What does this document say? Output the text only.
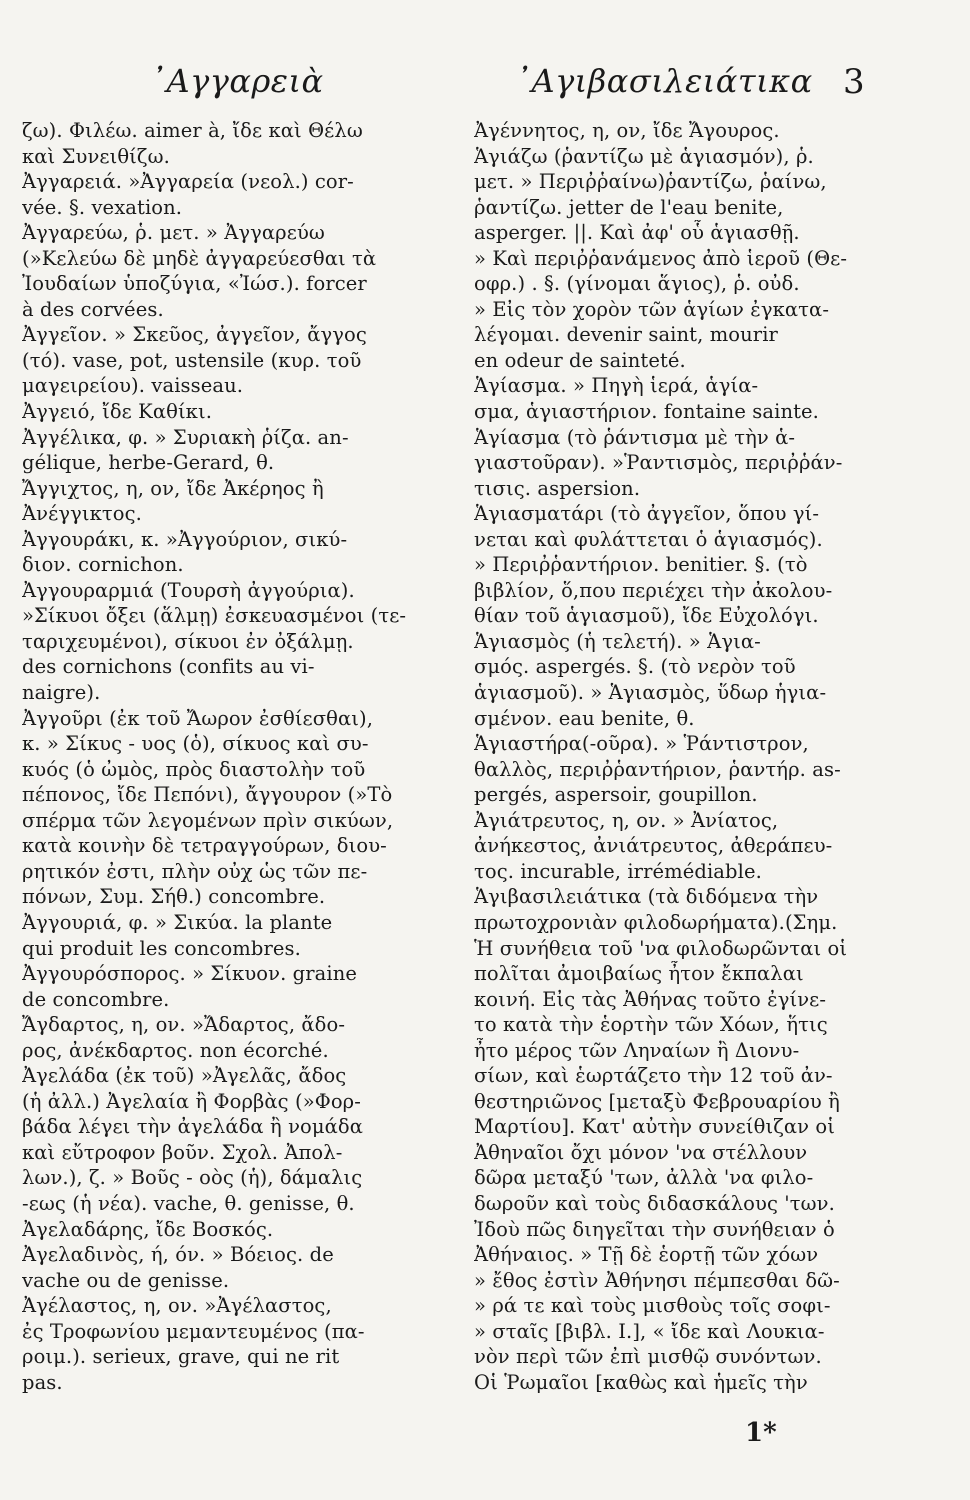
᾿Αγγαρειὰ	᾿Αγιβασιλειάτικα 3
ζω). Φιλέω. aimer à, ἴδε καὶ Θέλω
καὶ Συνειθίζω.
Ἀγγαρειά. »Ἀγγαρεία (νεολ.) cor-
vée. §. vexation.
Ἀγγαρεύω, ῥ. μετ. » Ἀγγαρεύω
(»Κελεύω δὲ μηδὲ ἀγγαρεύεσθαι τὰ
Ἰουδαίων ὑποζύγια, «Ἰώσ.). forcer
à des corvées.
Ἀγγεῖον. » Σκεῦος, ἀγγεῖον, ἄγγος
(τό). vase, pot, ustensile (κυρ. τοῦ
μαγειρείου). vaisseau.
Ἀγγειό, ἴδε Καθίκι.
Ἀγγέλικα, φ. » Συριακὴ ῥίζα. an-
gélique, herbe-Gerard, θ.
Ἄγγιχτος, η, ον, ἴδε Ἀκέρηος ἢ
Ἀνέγγικτος.
Ἀγγουράκι, κ. »Ἀγγούριον, σικύ-
διον. cornichon.
Ἀγγουραρμιά (Τουρσὴ ἀγγούρια).
»Σίκυοι ὄξει (ἅλμῃ) ἐσκευασμένοι (τε-
ταριχευμένοι), σίκυοι ἐν ὀξάλμῃ.
des cornichons (confits au vi-
naigre).
Ἀγγοῦρι (ἐκ τοῦ Ἄωρον ἐσθίεσθαι),
κ. » Σίκυς - υος (ὁ), σίκυος καὶ συ-
κυός (ὁ ὠμὸς, πρὸς διαστολὴν τοῦ
πέπονος, ἴδε Πεπόνι), ἄγγουρον (»Τὸ
σπέρμα τῶν λεγομένων πρὶν σικύων,
κατὰ κοινὴν δὲ τετραγγούρων, διου-
ρητικόν ἐστι, πλὴν οὐχ ὡς τῶν πε-
πόνων, Συμ. Σήθ.) concombre.
Ἀγγουριά, φ. » Σικύα. la plante
qui produit les concombres.
Ἀγγουρόσπορος. » Σίκυον. graine
de concombre.
Ἄγδαρτος, η, ον. »Ἄδαρτος, ἄδο-
ρος, ἀνέκδαρτος. non écorché.
Ἀγελάδα (ἐκ τοῦ) »Ἀγελᾶς, ἄδος
(ἡ ἀλλ.) Ἀγελαία ἢ Φορβὰς (»Φορ-
βάδα λέγει τὴν ἀγελάδα ἢ νομάδα
καὶ εὔτροφον βοῦν. Σχολ. Ἀπολ-
λων.), ζ. » Βοῦς - οὸς (ἡ), δάμαλις
-εως (ἡ νέα). vache, θ. genisse, θ.
Ἀγελαδάρης, ἴδε Βοσκός.
Ἀγελαδινὸς, ή, όν. » Βόειος. de
vache ou de genisse.
Ἀγέλαστος, η, ον. »Ἀγέλαστος,
ἐς Τροφωνίου μεμαντευμένος (πα-
ροιμ.). serieux, grave, qui ne rit
pas.
Ἀγέννητος, η, ον, ἴδε Ἄγουρος.
Ἁγιάζω (ῥαντίζω μὲ ἁγιασμόν), ῥ.
μετ. » Περιῤῥαίνω)ῥαντίζω, ῥαίνω,
ῥαντίζω. jetter de l'eau benite,
asperger. ||. Καὶ ἀφ' οὗ ἁγιασθῇ.
» Καὶ περιῤῥανάμενος ἀπὸ ἱεροῦ (Θε-
οφρ.) . §. (γίνομαι ἅγιος), ῥ. οὐδ.
» Εἰς τὸν χορὸν τῶν ἁγίων ἐγκατα-
λέγομαι. devenir saint, mourir
en odeur de sainteté.
Ἁγίασμα. » Πηγὴ ἱερά, ἁγία-
σμα, ἁγιαστήριον. fontaine sainte.
Ἁγίασμα (τὸ ῥάντισμα μὲ τὴν ἁ-
γιαστοῦραν). »Ῥαντισμὸς, περιῤῥάν-
τισις. aspersion.
Ἁγιασματάρι (τὸ ἀγγεῖον, ὅπου γί-
νεται καὶ φυλάττεται ὁ ἁγιασμός).
» Περιῤῥαντήριον. benitier. §. (τὸ
βιβλίον, ὅ,που περιέχει τὴν ἀκολου-
θίαν τοῦ ἁγιασμοῦ), ἴδε Εὐχολόγι.
Ἁγιασμὸς (ἡ τελετή). » Ἁγια-
σμός. aspergés. §. (τὸ νερὸν τοῦ
ἁγιασμοῦ). » Ἁγιασμὸς, ὕδωρ ἡγια-
σμένον. eau benite, θ.
Ἁγιαστήρα(-οῦρα). » Ῥάντιστρον,
θαλλὸς, περιῤῥαντήριον, ῥαντήρ. as-
pergés, aspersoir, goupillon.
Ἀγιάτρευτος, η, ον. » Ἀνίατος,
ἀνήκεστος, ἀνιάτρευτος, ἀθεράπευ-
τος. incurable, irrémédiable.
Ἁγιβασιλειάτικα (τὰ διδόμενα τὴν
πρωτοχρονιὰν φιλοδωρήματα).(Σημ.
Ἡ συνήθεια τοῦ 'να φιλοδωρῶνται οἱ
πολῖται ἀμοιβαίως ἦτον ἔκπαλαι
κοινή. Εἰς τὰς Ἀθήνας τοῦτο ἐγίνε-
το κατὰ τὴν ἑορτὴν τῶν Χόων, ἥτις
ἦτο μέρος τῶν Ληναίων ἢ Διονυ-
σίων, καὶ ἑωρτάζετο τὴν 12 τοῦ ἀν-
θεστηριῶνος [μεταξὺ Φεβρουαρίου ἢ
Μαρτίου]. Κατ' αὐτὴν συνείθιζαν οἱ
Ἀθηναῖοι ὄχι μόνον 'να στέλλουν
δῶρα μεταξύ 'των, ἀλλὰ 'να φιλο-
δωροῦν καὶ τοὺς διδασκάλους 'των.
Ἰδοὺ πῶς διηγεῖται τὴν συνήθειαν ὁ
Ἀθήναιος. » Τῇ δὲ ἑορτῇ τῶν χόων
» ἔθος ἐστὶν Ἀθήνησι πέμπεσθαι δῶ-
» ρά τε καὶ τοὺς μισθοὺς τοῖς σοφι-
» σταῖς [βιβλ. Ι.], « ἴδε καὶ Λουκια-
νὸν περὶ τῶν ἐπὶ μισθῷ συνόντων.
Οἱ Ῥωμαῖοι [καθὼς καὶ ἡμεῖς τὴν
1*
